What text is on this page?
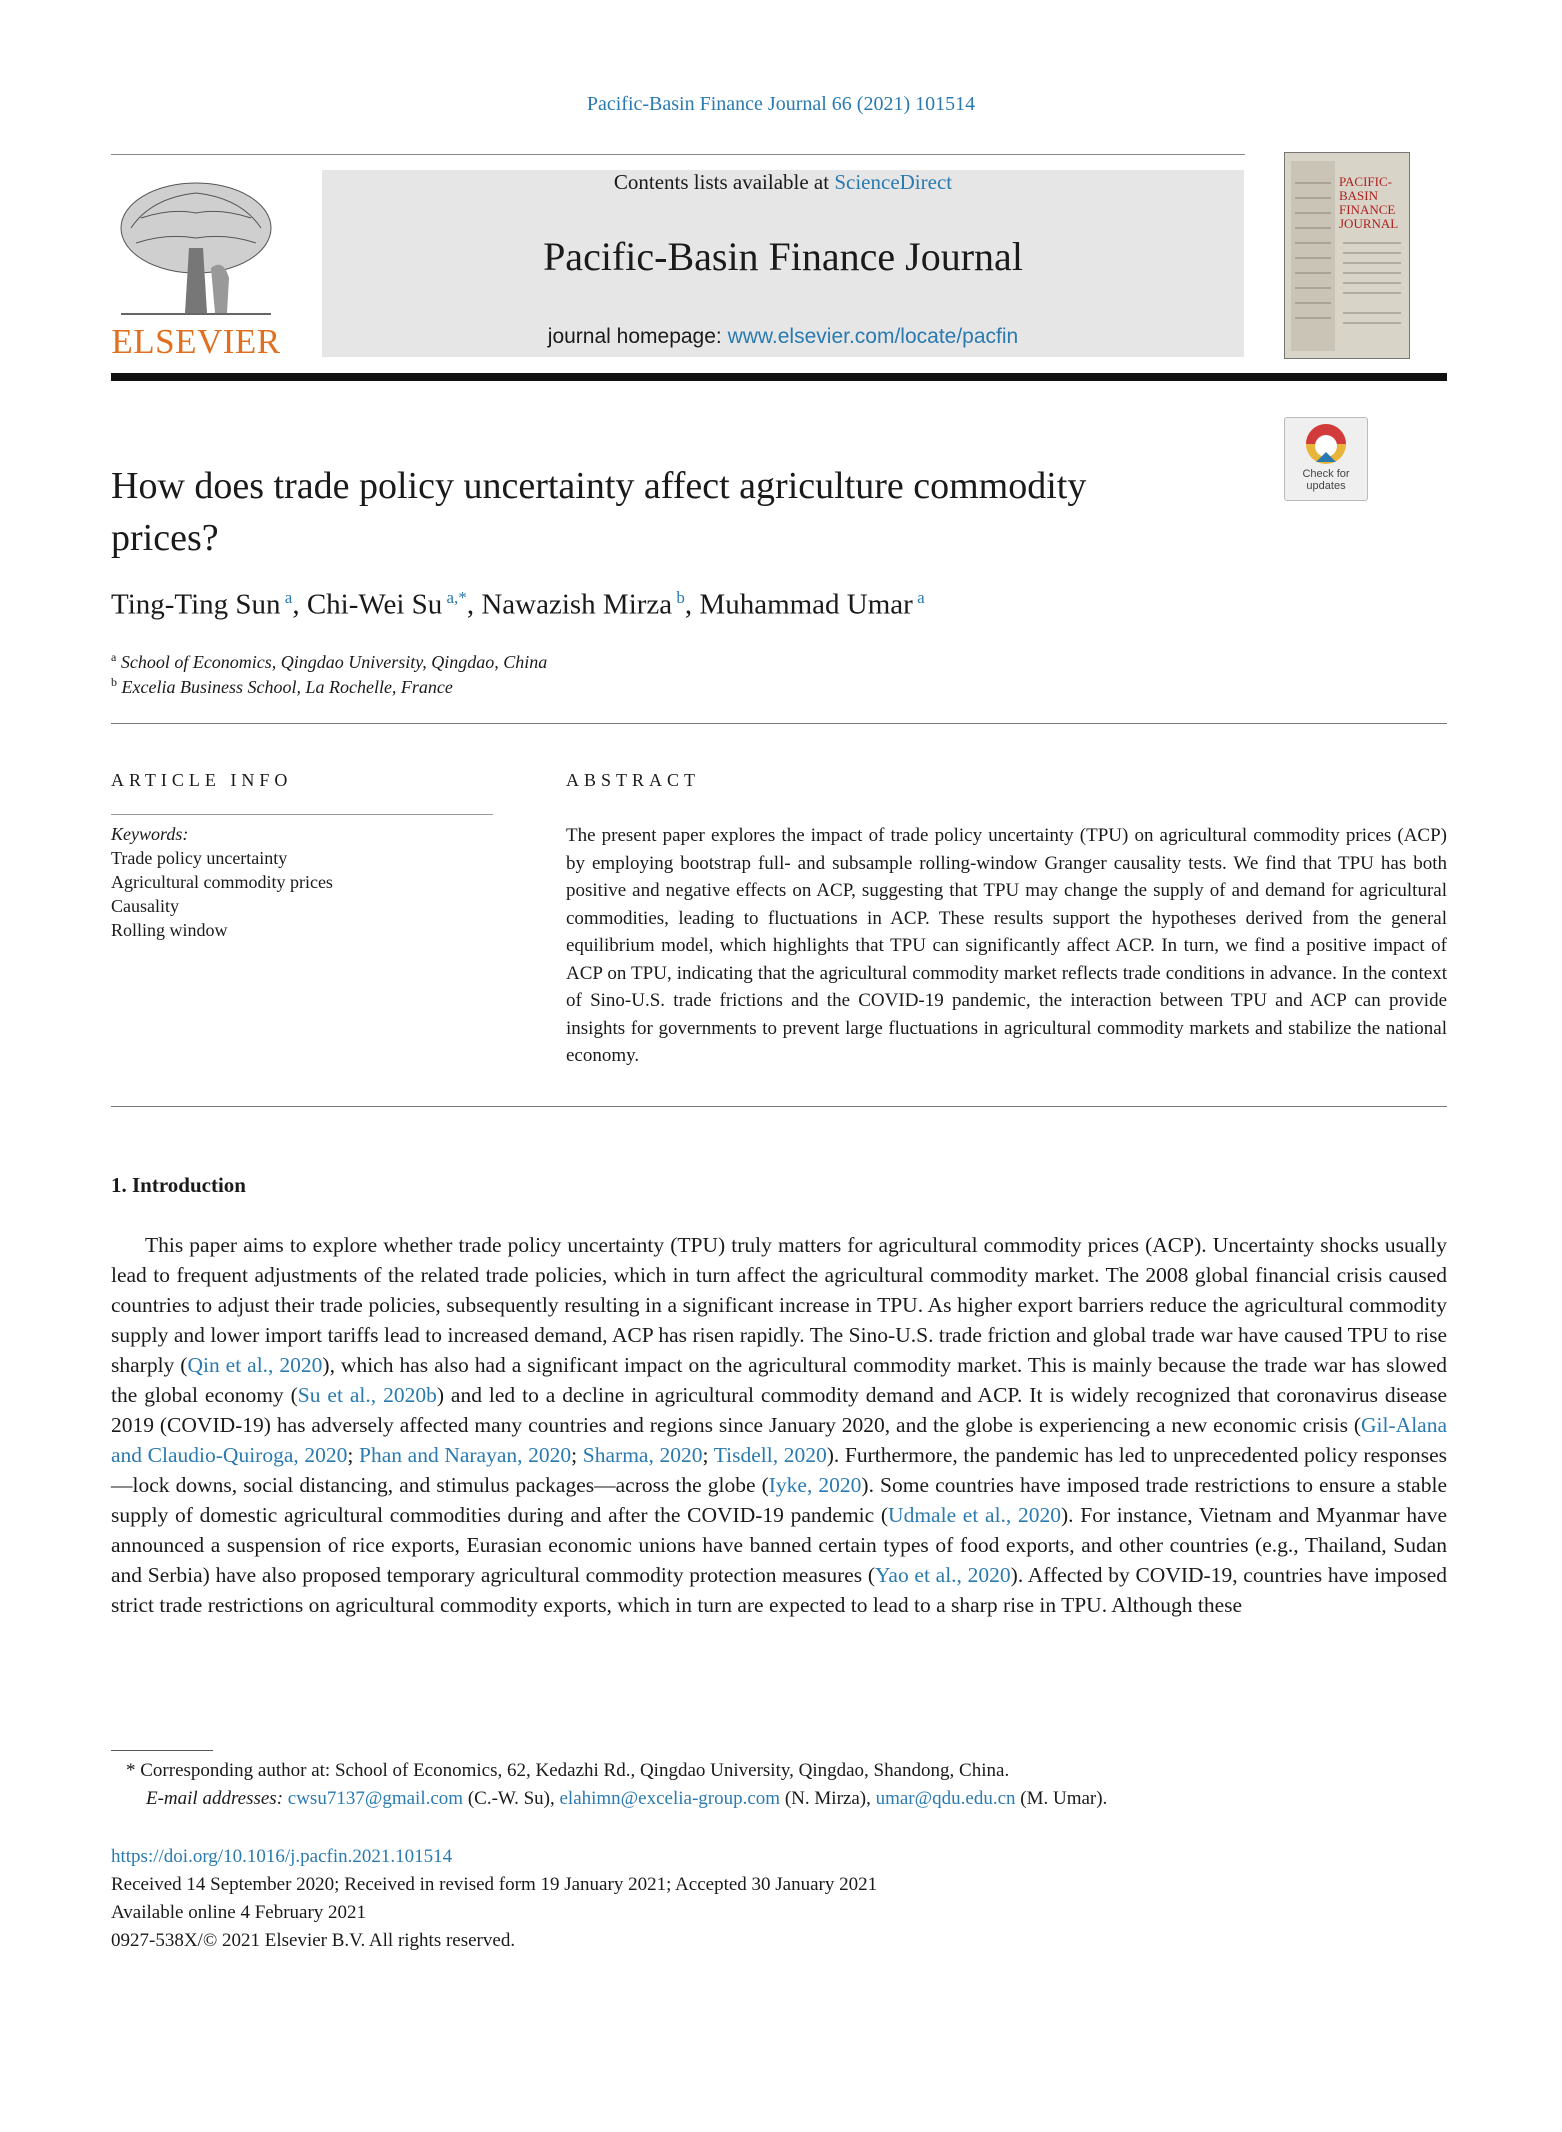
Pacific-Basin Finance Journal 66 (2021) 101514
ELSEVIER
Contents lists available at ScienceDirect
Pacific-Basin Finance Journal
journal homepage: www.elsevier.com/locate/pacfin
PACIFIC-
BASIN
FINANCE
JOURNAL
Check for updates
How does trade policy uncertainty affect agriculture commodity prices?
Ting-Ting Sun $^a$, Chi-Wei Su $^{a,*}$, Nawazish Mirza $^b$, Muhammad Umar $^a$
$^a$ School of Economics, Qingdao University, Qingdao, China
$^b$ Excelia Business School, La Rochelle, France
ARTICLE INFO	ABSTRACT
Keywords:
Trade policy uncertainty
Agricultural commodity prices
Causality
Rolling window
The present paper explores the impact of trade policy uncertainty (TPU) on agricultural commodity prices (ACP) by employing bootstrap full- and subsample rolling-window Granger causality tests. We find that TPU has both positive and negative effects on ACP, suggesting that TPU may change the supply of and demand for agricultural commodities, leading to fluctuations in ACP. These results support the hypotheses derived from the general equilibrium model, which highlights that TPU can significantly affect ACP. In turn, we find a positive impact of ACP on TPU, indicating that the agricultural commodity market reflects trade conditions in advance. In the context of Sino-U.S. trade frictions and the COVID-19 pandemic, the interaction between TPU and ACP can provide insights for governments to prevent large fluctuations in agricultural commodity markets and stabilize the national economy.
1. Introduction
This paper aims to explore whether trade policy uncertainty (TPU) truly matters for agricultural commodity prices (ACP). Uncertainty shocks usually lead to frequent adjustments of the related trade policies, which in turn affect the agricultural commodity market. The 2008 global financial crisis caused countries to adjust their trade policies, subsequently resulting in a significant increase in TPU. As higher export barriers reduce the agricultural commodity supply and lower import tariffs lead to increased demand, ACP has risen rapidly. The Sino-U.S. trade friction and global trade war have caused TPU to rise sharply (Qin et al., 2020), which has also had a significant impact on the agricultural commodity market. This is mainly because the trade war has slowed the global economy (Su et al., 2020b) and led to a decline in agricultural commodity demand and ACP. It is widely recognized that coronavirus disease 2019 (COVID-19) has adversely affected many countries and regions since January 2020, and the globe is experiencing a new economic crisis (Gil-Alana and Claudio-Quiroga, 2020; Phan and Narayan, 2020; Sharma, 2020; Tisdell, 2020). Furthermore, the pandemic has led to unprecedented policy responses—lock downs, social distancing, and stimulus packages—across the globe (Iyke, 2020). Some countries have imposed trade restrictions to ensure a stable supply of domestic agricultural commodities during and after the COVID-19 pandemic (Udmale et al., 2020). For instance, Vietnam and Myanmar have announced a suspension of rice exports, Eurasian economic unions have banned certain types of food exports, and other countries (e.g., Thailand, Sudan and Serbia) have also proposed temporary agricultural commodity protection measures (Yao et al., 2020). Affected by COVID-19, countries have imposed strict trade restrictions on agricultural commodity exports, which in turn are expected to lead to a sharp rise in TPU. Although these
* Corresponding author at: School of Economics, 62, Kedazhi Rd., Qingdao University, Qingdao, Shandong, China.
E-mail addresses: cwsu7137@gmail.com (C.-W. Su), elahimn@excelia-group.com (N. Mirza), umar@qdu.edu.cn (M. Umar).
https://doi.org/10.1016/j.pacfin.2021.101514
Received 14 September 2020; Received in revised form 19 January 2021; Accepted 30 January 2021
Available online 4 February 2021
0927-538X/© 2021 Elsevier B.V. All rights reserved.
